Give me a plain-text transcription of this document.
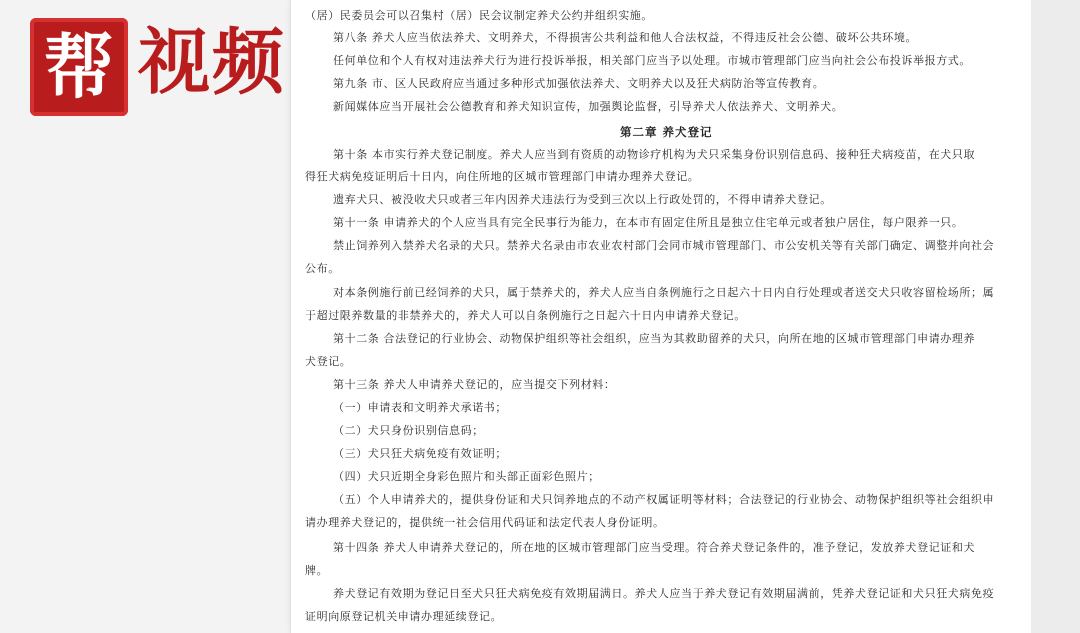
帮 视频
（居）民委员会可以召集村（居）民会议制定养犬公约并组织实施。
第八条 养犬人应当依法养犬、文明养犬，不得损害公共利益和他人合法权益，不得违反社会公德、破坏公共环境。
任何单位和个人有权对违法养犬行为进行投诉举报，相关部门应当予以处理。市城市管理部门应当向社会公布投诉举报方式。
第九条 市、区人民政府应当通过多种形式加强依法养犬、文明养犬以及狂犬病防治等宣传教育。
新闻媒体应当开展社会公德教育和养犬知识宣传，加强舆论监督，引导养犬人依法养犬、文明养犬。
第二章 养犬登记
第十条 本市实行养犬登记制度。养犬人应当到有资质的动物诊疗机构为犬只采集身份识别信息码、接种狂犬病疫苗，在犬只取
得狂犬病免疫证明后十日内，向住所地的区城市管理部门申请办理养犬登记。
遗弃犬只、被没收犬只或者三年内因养犬违法行为受到三次以上行政处罚的，不得申请养犬登记。
第十一条 申请养犬的个人应当具有完全民事行为能力，在本市有固定住所且是独立住宅单元或者独户居住，每户限养一只。
禁止饲养列入禁养犬名录的犬只。禁养犬名录由市农业农村部门会同市城市管理部门、市公安机关等有关部门确定、调整并向社会
公布。
对本条例施行前已经饲养的犬只，属于禁养犬的，养犬人应当自条例施行之日起六十日内自行处理或者送交犬只收容留检场所；属
于超过限养数量的非禁养犬的，养犬人可以自条例施行之日起六十日内申请养犬登记。
第十二条 合法登记的行业协会、动物保护组织等社会组织，应当为其救助留养的犬只，向所在地的区城市管理部门申请办理养
犬登记。
第十三条 养犬人申请养犬登记的，应当提交下列材料：
（一）申请表和文明养犬承诺书；
（二）犬只身份识别信息码；
（三）犬只狂犬病免疫有效证明；
（四）犬只近期全身彩色照片和头部正面彩色照片；
（五）个人申请养犬的，提供身份证和犬只饲养地点的不动产权属证明等材料；合法登记的行业协会、动物保护组织等社会组织申
请办理养犬登记的，提供统一社会信用代码证和法定代表人身份证明。
第十四条 养犬人申请养犬登记的，所在地的区城市管理部门应当受理。符合养犬登记条件的，准予登记，发放养犬登记证和犬
牌。
养犬登记有效期为登记日至犬只狂犬病免疫有效期届满日。养犬人应当于养犬登记有效期届满前，凭养犬登记证和犬只狂犬病免疫
证明向原登记机关申请办理延续登记。
